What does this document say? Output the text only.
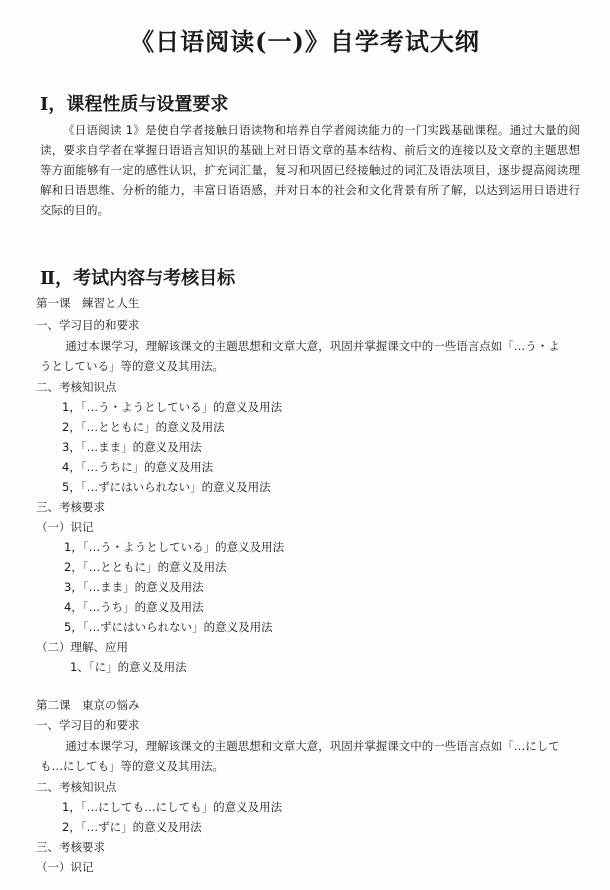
《日语阅读(一)》自学考试大纲
Ⅰ，课程性质与设置要求
《日语阅读 1》是使自学者接触日语读物和培养自学者阅读能力的一门实践基础课程。通过大量的阅读，要求自学者在掌握日语语言知识的基础上对日语文章的基本结构、前后文的连接以及文章的主题思想等方面能够有一定的感性认识，扩充词汇量，复习和巩固已经接触过的词汇及语法项目，逐步提高阅读理解和日语思维、分析的能力，丰富日语语感，并对日本的社会和文化背景有所了解，以达到运用日语进行交际的目的。
Ⅱ，考试内容与考核目标
第一课　練習と人生
一、学习目的和要求
通过本课学习，理解该课文的主题思想和文章大意，巩固并掌握课文中的一些语言点如「…う・ようとしている」等的意义及其用法。
二、考核知识点
1，「…う・ようとしている」的意义及用法
2，「…とともに」的意义及用法
3，「…まま」的意义及用法
4，「…うちに」的意义及用法
5，「…ずにはいられない」的意义及用法
三、考核要求
（一）识记
1，「…う・ようとしている」的意义及用法
2，「…とともに」的意义及用法
3，「…まま」的意义及用法
4，「…うち」的意义及用法
5，「…ずにはいられない」的意义及用法
（二）理解、应用
1、「に」的意义及用法
第二课　東京の悩み
一、学习目的和要求
通过本课学习，理解该课文的主题思想和文章大意，巩固并掌握课文中的一些语言点如「…にしても…にしても」等的意义及其用法。
二、考核知识点
1，「…にしても…にしても」的意义及用法
2，「…ずに」的意义及用法
三、考核要求
（一）识记
